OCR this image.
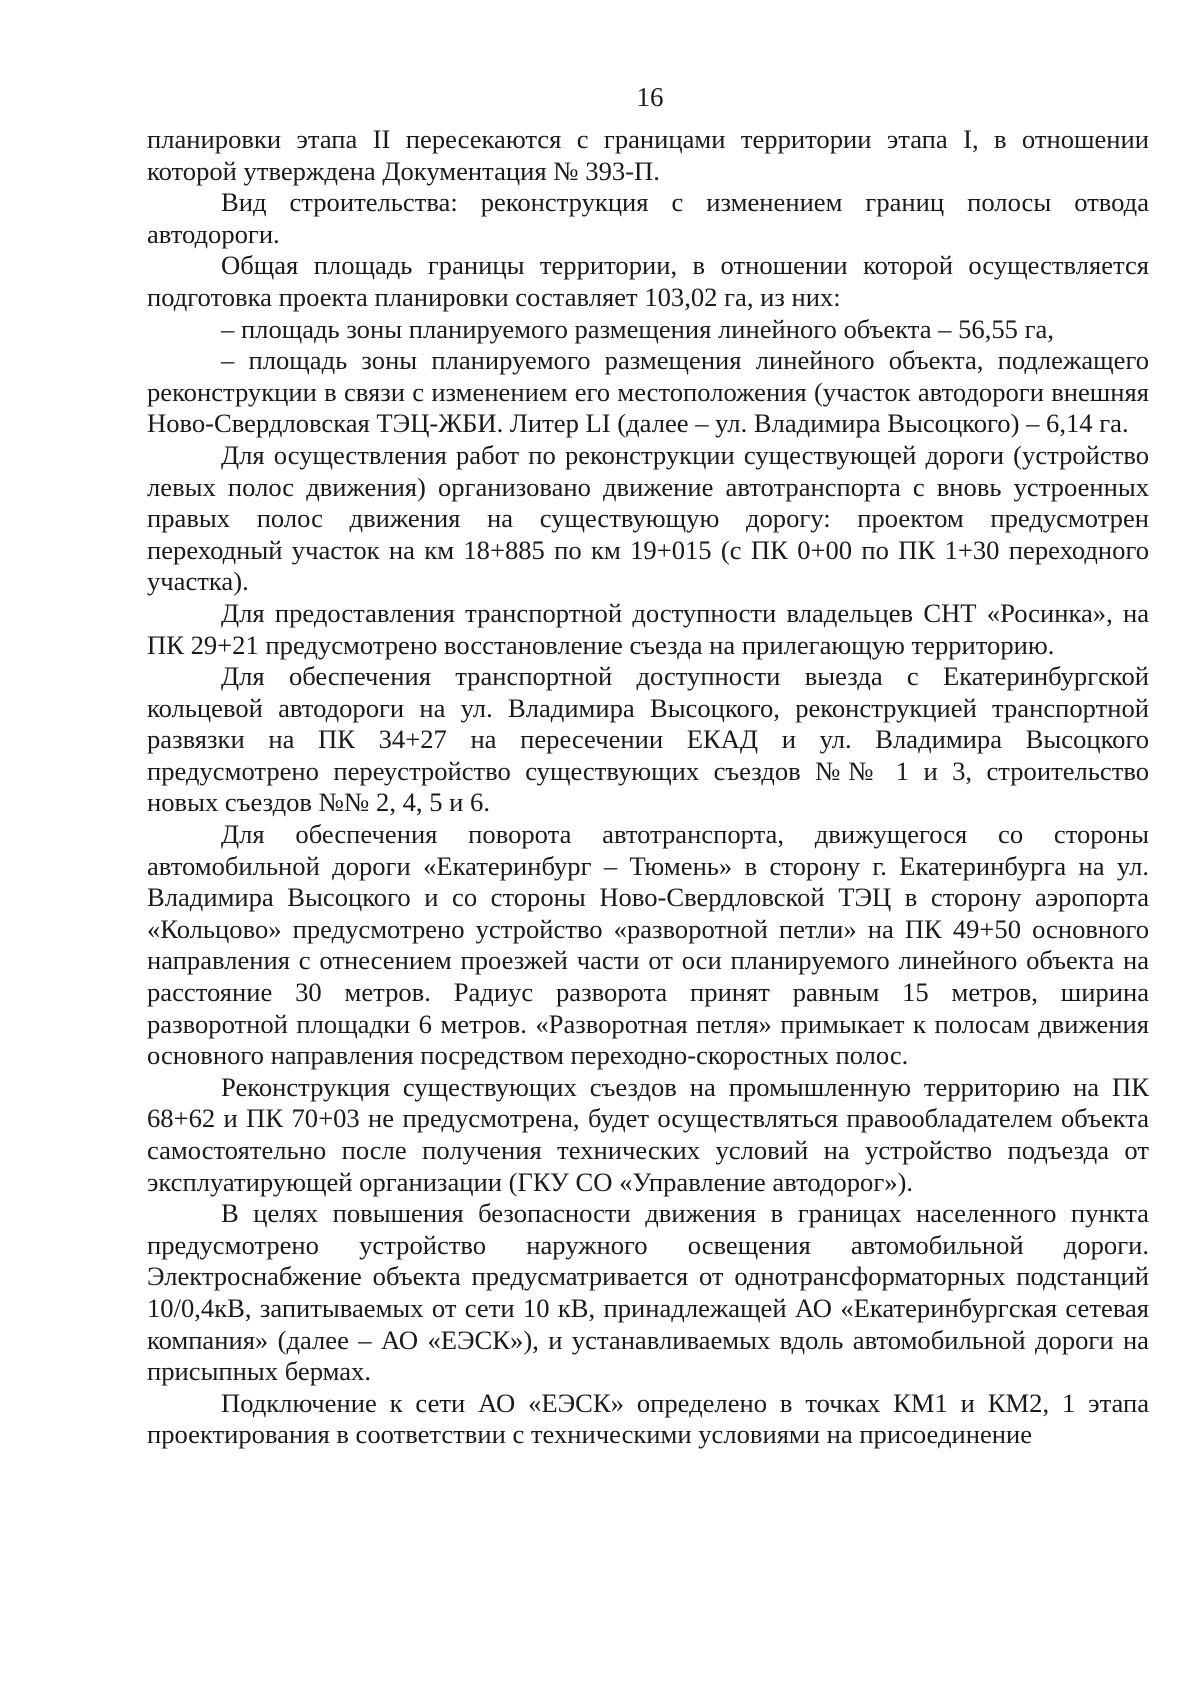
16

планировки этапа II пересекаются с границами территории этапа I, в отношении которой утверждена Документация № 393-П.

Вид строительства: реконструкция с изменением границ полосы отвода автодороги.

Общая площадь границы территории, в отношении которой осуществляется подготовка проекта планировки составляет 103,02 га, из них:

– площадь зоны планируемого размещения линейного объекта – 56,55 га,

– площадь зоны планируемого размещения линейного объекта, подлежащего реконструкции в связи с изменением его местоположения (участок автодороги внешняя Ново-Свердловская ТЭЦ-ЖБИ. Литер LI (далее – ул. Владимира Высоцкого) – 6,14 га.

Для осуществления работ по реконструкции существующей дороги (устройство левых полос движения) организовано движение автотранспорта с вновь устроенных правых полос движения на существующую дорогу: проектом предусмотрен переходный участок на км 18+885 по км 19+015 (с ПК 0+00 по ПК 1+30 переходного участка).

Для предоставления транспортной доступности владельцев СНТ «Росинка», на ПК 29+21 предусмотрено восстановление съезда на прилегающую территорию.

Для обеспечения транспортной доступности выезда с Екатеринбургской кольцевой автодороги на ул. Владимира Высоцкого, реконструкцией транспортной развязки на ПК 34+27 на пересечении ЕКАД и ул. Владимира Высоцкого предусмотрено переустройство существующих съездов №№ 1 и 3, строительство новых съездов №№ 2, 4, 5 и 6.

Для обеспечения поворота автотранспорта, движущегося со стороны автомобильной дороги «Екатеринбург – Тюмень» в сторону г. Екатеринбурга на ул. Владимира Высоцкого и со стороны Ново-Свердловской ТЭЦ в сторону аэропорта «Кольцово» предусмотрено устройство «разворотной петли» на ПК 49+50 основного направления с отнесением проезжей части от оси планируемого линейного объекта на расстояние 30 метров. Радиус разворота принят равным 15 метров, ширина разворотной площадки 6 метров. «Разворотная петля» примыкает к полосам движения основного направления посредством переходно-скоростных полос.

Реконструкция существующих съездов на промышленную территорию на ПК 68+62 и ПК 70+03 не предусмотрена, будет осуществляться правообладателем объекта самостоятельно после получения технических условий на устройство подъезда от эксплуатирующей организации (ГКУ СО «Управление автодорог»).

В целях повышения безопасности движения в границах населенного пункта предусмотрено устройство наружного освещения автомобильной дороги. Электроснабжение объекта предусматривается от однотрансформаторных подстанций 10/0,4кВ, запитываемых от сети 10 кВ, принадлежащей АО «Екатеринбургская сетевая компания» (далее – АО «ЕЭСК»), и устанавливаемых вдоль автомобильной дороги на присыпных бермах.

Подключение к сети АО «ЕЭСК» определено в точках КМ1 и КМ2, 1 этапа проектирования в соответствии с техническими условиями на присоединение
